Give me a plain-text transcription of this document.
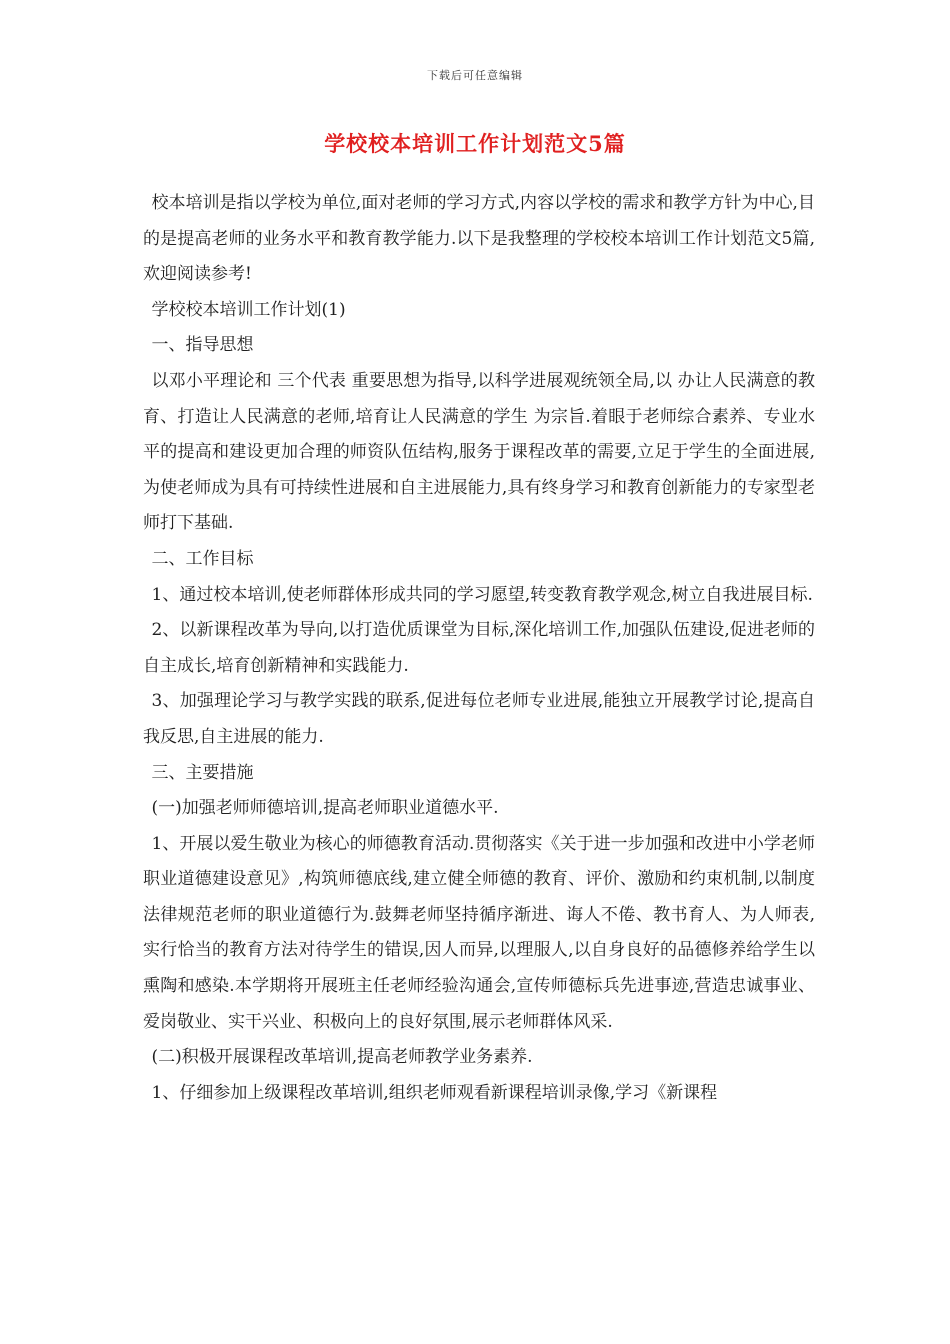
下载后可任意编辑
学校校本培训工作计划范文5篇

校本培训是指以学校为单位,面对老师的学习方式,内容以学校的需求和教学方针为中心,目的是提高老师的业务水平和教育教学能力.以下是我整理的学校校本培训工作计划范文5篇,欢迎阅读参考!

学校校本培训工作计划(1)

一、指导思想

以邓小平理论和 三个代表 重要思想为指导,以科学进展观统领全局,以 办让人民满意的教育、打造让人民满意的老师,培育让人民满意的学生 为宗旨.着眼于老师综合素养、专业水平的提高和建设更加合理的师资队伍结构,服务于课程改革的需要,立足于学生的全面进展,为使老师成为具有可持续性进展和自主进展能力,具有终身学习和教育创新能力的专家型老师打下基础.

二、工作目标

1、通过校本培训,使老师群体形成共同的学习愿望,转变教育教学观念,树立自我进展目标.

2、以新课程改革为导向,以打造优质课堂为目标,深化培训工作,加强队伍建设,促进老师的自主成长,培育创新精神和实践能力.

3、加强理论学习与教学实践的联系,促进每位老师专业进展,能独立开展教学讨论,提高自我反思,自主进展的能力.

三、主要措施

(一)加强老师师德培训,提高老师职业道德水平.

1、开展以爱生敬业为核心的师德教育活动.贯彻落实《关于进一步加强和改进中小学老师职业道德建设意见》,构筑师德底线,建立健全师德的教育、评价、激励和约束机制,以制度法律规范老师的职业道德行为.鼓舞老师坚持循序渐进、诲人不倦、教书育人、为人师表,实行恰当的教育方法对待学生的错误,因人而异,以理服人,以自身良好的品德修养给学生以熏陶和感染.本学期将开展班主任老师经验沟通会,宣传师德标兵先进事迹,营造忠诚事业、爱岗敬业、实干兴业、积极向上的良好氛围,展示老师群体风采.

(二)积极开展课程改革培训,提高老师教学业务素养.

1、仔细参加上级课程改革培训,组织老师观看新课程培训录像,学习《新课程
